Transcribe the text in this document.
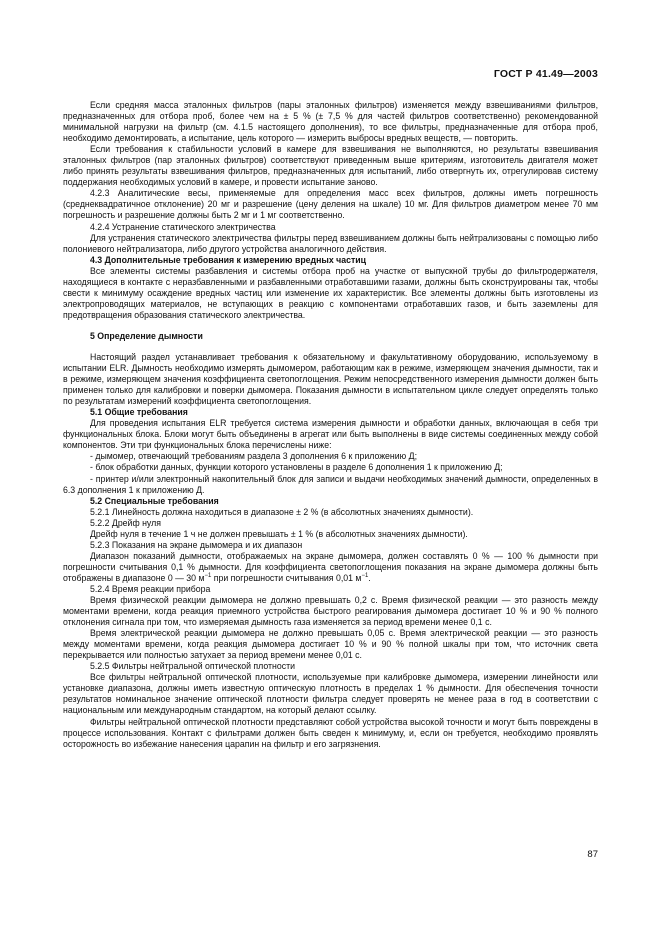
ГОСТ Р 41.49—2003

Если средняя масса эталонных фильтров (пары эталонных фильтров) изменяется между взвешиваниями фильтров, предназначенных для отбора проб, более чем на ± 5 % (± 7,5 % для частей фильтров соответственно) рекомендованной минимальной нагрузки на фильтр (см. 4.1.5 настоящего дополнения), то все фильтры, предназначенные для отбора проб, необходимо демонтировать, а испытание, цель которого — измерить выбросы вредных веществ, — повторить.

Если требования к стабильности условий в камере для взвешивания не выполняются, но результаты взвешивания эталонных фильтров (пар эталонных фильтров) соответствуют приведенным выше критериям, изготовитель двигателя может либо принять результаты взвешивания фильтров, предназначенных для испытаний, либо отвергнуть их, отрегулировав систему поддержания необходимых условий в камере, и провести испытание заново.

4.2.3 Аналитические весы, применяемые для определения масс всех фильтров, должны иметь погрешность (среднеквадратичное отклонение) 20 мг и разрешение (цену деления на шкале) 10 мг. Для фильтров диаметром менее 70 мм погрешность и разрешение должны быть 2 мг и 1 мг соответственно.

4.2.4 Устранение статического электричества

Для устранения статического электричества фильтры перед взвешиванием должны быть нейтрализованы с помощью либо полониевого нейтрализатора, либо другого устройства аналогичного действия.

4.3 Дополнительные требования к измерению вредных частиц

Все элементы системы разбавления и системы отбора проб на участке от выпускной трубы до фильтродержателя, находящиеся в контакте с неразбавленными и разбавленными отработавшими газами, должны быть сконструированы так, чтобы свести к минимуму осаждение вредных частиц или изменение их характеристик. Все элементы должны быть изготовлены из электропроводящих материалов, не вступающих в реакцию с компонентами отработавших газов, и быть заземлены для предотвращения образования статического электричества.

5 Определение дымности

Настоящий раздел устанавливает требования к обязательному и факультативному оборудованию, используемому в испытании ELR. Дымность необходимо измерять дымомером, работающим как в режиме, измеряющем значения дымности, так и в режиме, измеряющем значения коэффициента светопоглощения. Режим непосредственного измерения дымности должен быть применен только для калибровки и поверки дымомера. Показания дымности в испытательном цикле следует определять только по результатам измерений коэффициента светопоглощения.

5.1 Общие требования

Для проведения испытания ELR требуется система измерения дымности и обработки данных, включающая в себя три функциональных блока. Блоки могут быть объединены в агрегат или быть выполнены в виде системы соединенных между собой компонентов. Эти три функциональных блока перечислены ниже:

- дымомер, отвечающий требованиям раздела 3 дополнения 6 к приложению Д;

- блок обработки данных, функции которого установлены в разделе 6 дополнения 1 к приложению Д;

- принтер и/или электронный накопительный блок для записи и выдачи необходимых значений дымности, определенных в 6.3 дополнения 1 к приложению Д.

5.2 Специальные требования

5.2.1 Линейность должна находиться в диапазоне ± 2 % (в абсолютных значениях дымности).

5.2.2 Дрейф нуля

Дрейф нуля в течение 1 ч не должен превышать ± 1 % (в абсолютных значениях дымности).

5.2.3 Показания на экране дымомера и их диапазон

Диапазон показаний дымности, отображаемых на экране дымомера, должен составлять 0 % — 100 % дымности при погрешности считывания 0,1 % дымности. Для коэффициента светопоглощения показания на экране дымомера должны быть отображены в диапазоне 0 — 30 $м^{-1}$ при погрешности считывания 0,01 $м^{-1}$.

5.2.4 Время реакции прибора

Время физической реакции дымомера не должно превышать 0,2 с. Время физической реакции — это разность между моментами времени, когда реакция приемного устройства быстрого реагирования дымомера достигает 10 % и 90 % полного отклонения сигнала при том, что измеряемая дымность газа изменяется за период времени менее 0,1 с.

Время электрической реакции дымомера не должно превышать 0,05 с. Время электрической реакции — это разность между моментами времени, когда реакция дымомера достигает 10 % и 90 % полной шкалы при том, что источник света перекрывается или полностью затухает за период времени менее 0,01 с.

5.2.5 Фильтры нейтральной оптической плотности

Все фильтры нейтральной оптической плотности, используемые при калибровке дымомера, измерении линейности или установке диапазона, должны иметь известную оптическую плотность в пределах 1 % дымности. Для обеспечения точности результатов номинальное значение оптической плотности фильтра следует проверять не менее раза в год в соответствии с национальным или международным стандартом, на который делают ссылку.

Фильтры нейтральной оптической плотности представляют собой устройства высокой точности и могут быть повреждены в процессе использования. Контакт с фильтрами должен быть сведен к минимуму, и, если он требуется, необходимо проявлять осторожность во избежание нанесения царапин на фильтр и его загрязнения.

87
